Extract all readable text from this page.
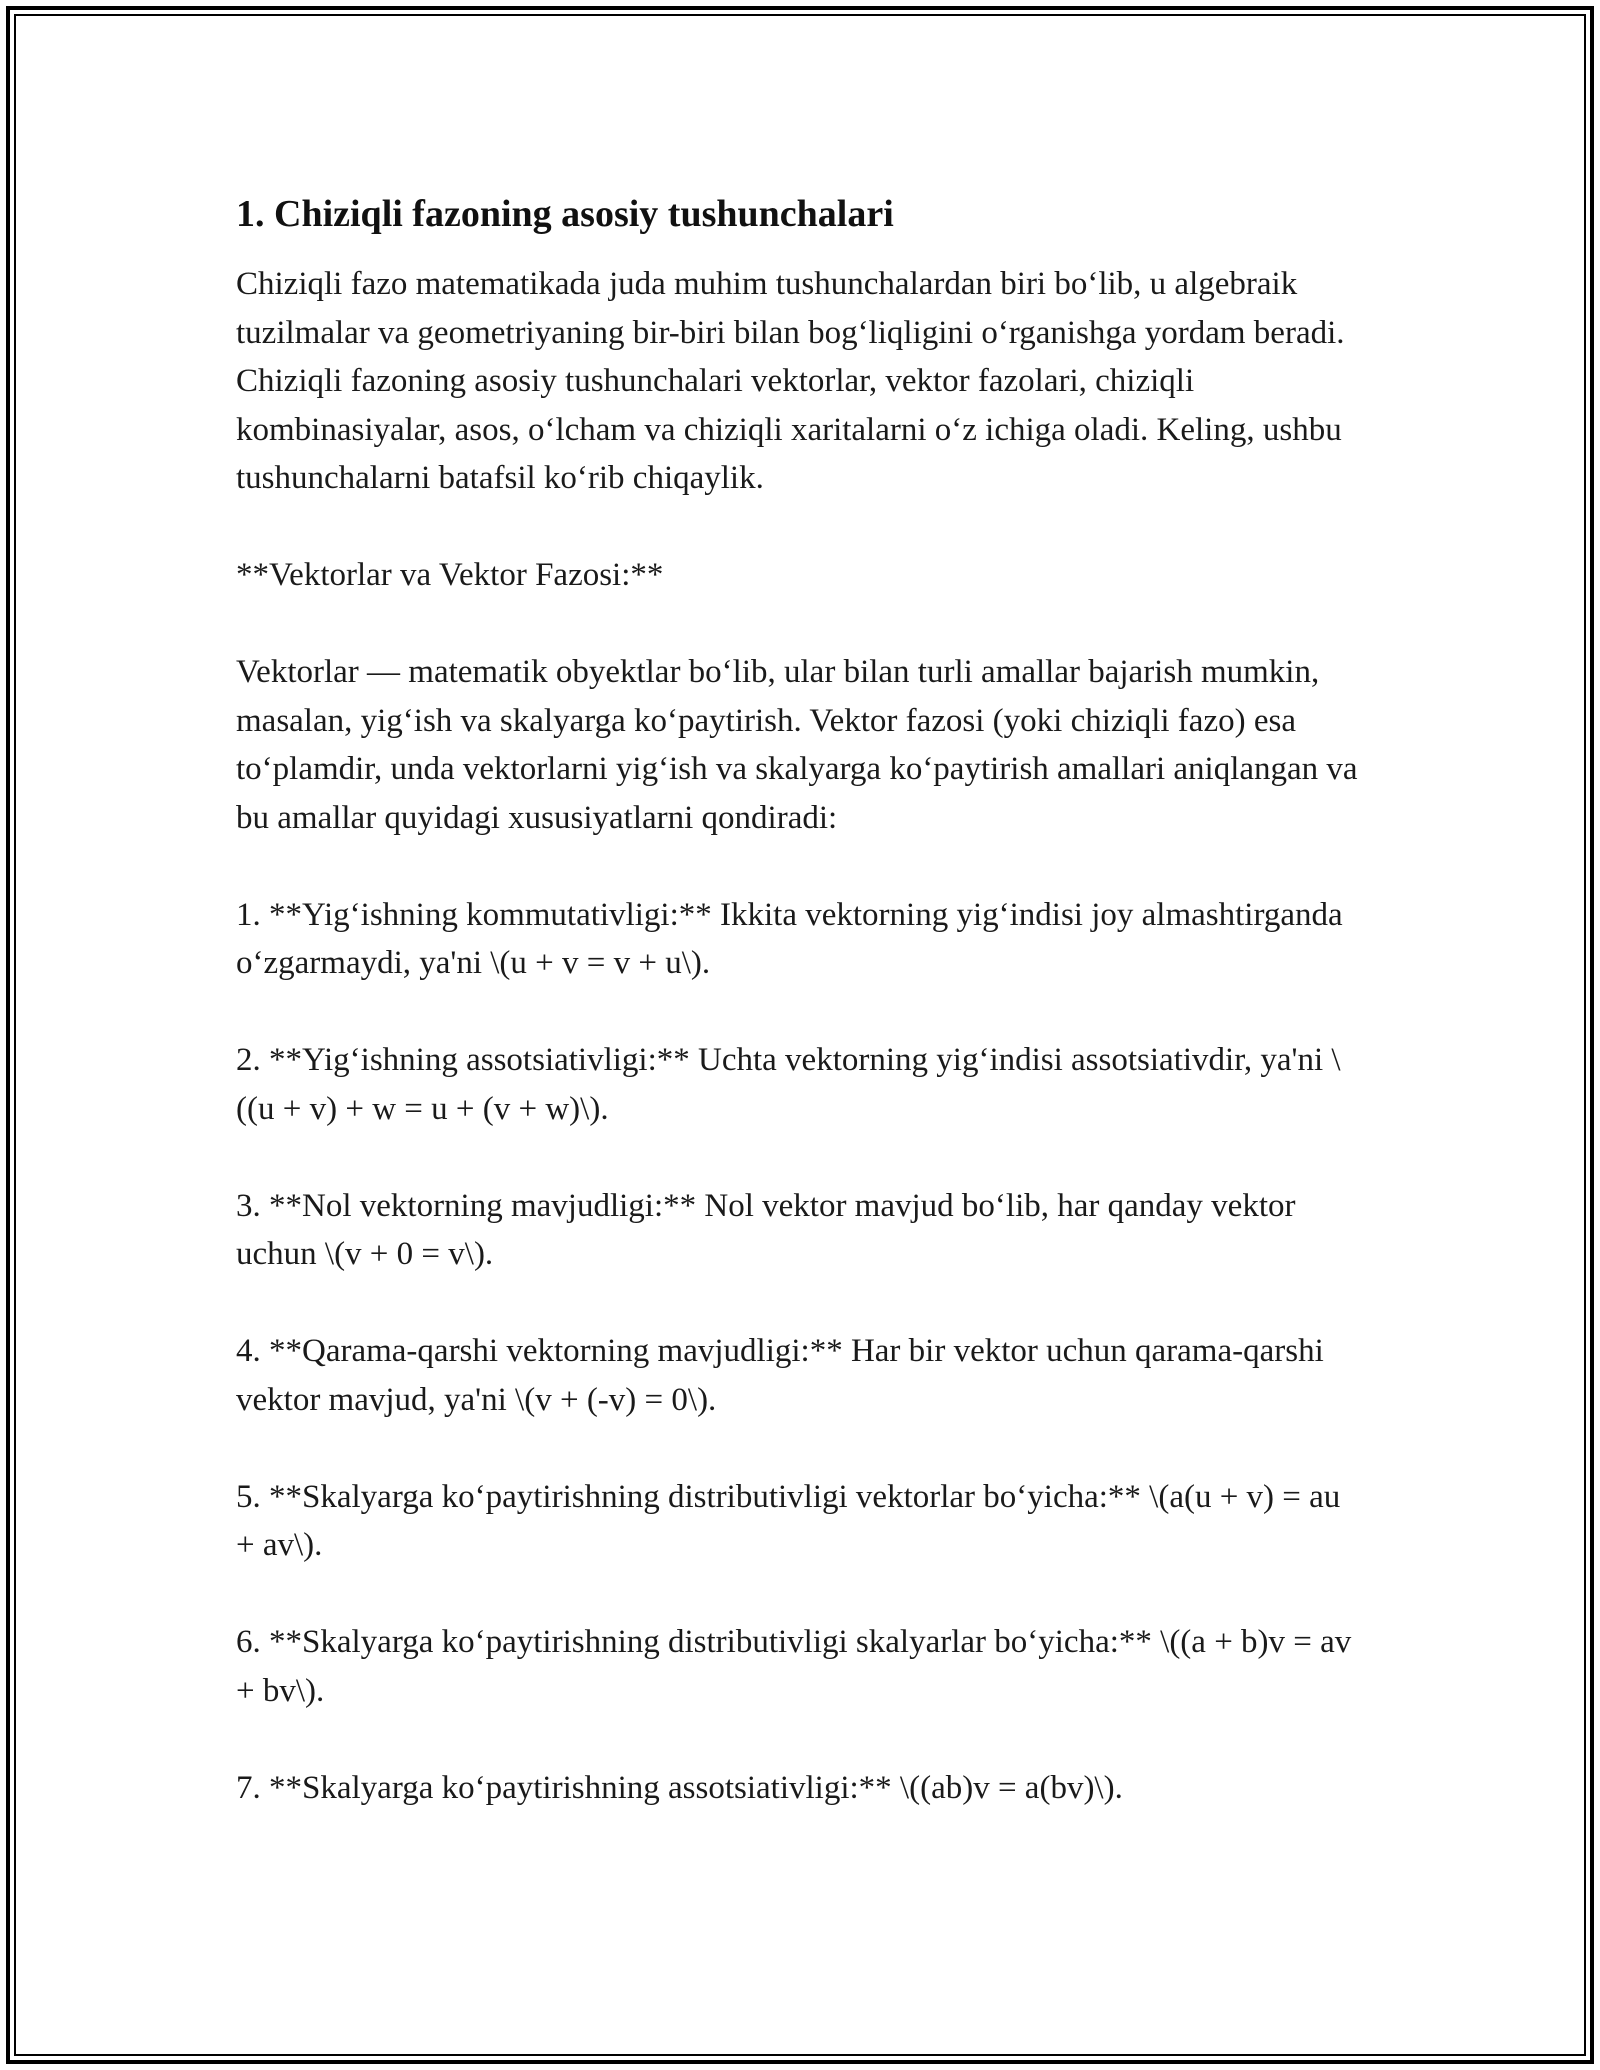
1. Chiziqli fazoning asosiy tushunchalari

Chiziqli fazo matematikada juda muhim tushunchalardan biri bo‘lib, u algebraik tuzilmalar va geometriyaning bir-biri bilan bog‘liqligini o‘rganishga yordam beradi. Chiziqli fazoning asosiy tushunchalari vektorlar, vektor fazolari, chiziqli kombinasiyalar, asos, o‘lcham va chiziqli xaritalarni o‘z ichiga oladi. Keling, ushbu tushunchalarni batafsil ko‘rib chiqaylik.

**Vektorlar va Vektor Fazosi:**

Vektorlar — matematik obyektlar bo‘lib, ular bilan turli amallar bajarish mumkin, masalan, yig‘ish va skalyarga ko‘paytirish. Vektor fazosi (yoki chiziqli fazo) esa to‘plamdir, unda vektorlarni yig‘ish va skalyarga ko‘paytirish amallari aniqlangan va bu amallar quyidagi xususiyatlarni qondiradi:

1. **Yig‘ishning kommutativligi:** Ikkita vektorning yig‘indisi joy almashtirganda o‘zgarmaydi, ya'ni \(u + v = v + u\).

2. **Yig‘ishning assotsiativligi:** Uchta vektorning yig‘indisi assotsiativdir, ya'ni \((u + v) + w = u + (v + w)\).

3. **Nol vektorning mavjudligi:** Nol vektor mavjud bo‘lib, har qanday vektor uchun \(v + 0 = v\).

4. **Qarama-qarshi vektorning mavjudligi:** Har bir vektor uchun qarama-qarshi vektor mavjud, ya'ni \(v + (-v) = 0\).

5. **Skalyarga ko‘paytirishning distributivligi vektorlar bo‘yicha:** \(a(u + v) = au + av\).

6. **Skalyarga ko‘paytirishning distributivligi skalyarlar bo‘yicha:** \((a + b)v = av + bv\).

7. **Skalyarga ko‘paytirishning assotsiativligi:** \((ab)v = a(bv)\).
